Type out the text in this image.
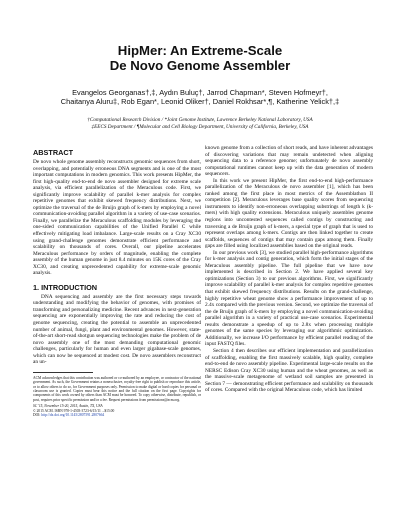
HipMer: An Extreme-Scale
De Novo Genome Assembler
Evangelos Georganas†,‡, Aydın Buluç†, Jarrod Chapman*, Steven Hofmeyr†,
Chaitanya Aluru‡, Rob Egan*, Leonid Oliker†, Daniel Rokhsar*,¶, Katherine Yelick†,‡
†Computational Research Division / *Joint Genome Institute, Lawrence Berkeley National Laboratory, USA
‡EECS Department / ¶Molecular and Cell Biology Department, University of California, Berkeley, USA
ABSTRACT

De novo whole genome assembly reconstructs genomic sequences from short, overlapping, and potentially erroneous DNA segments and is one of the most important computations in modern genomics. This work presents HipMer, the first high-quality end-to-end de novo assembler designed for extreme scale analysis, via efficient parallelization of the Meraculous code. First, we significantly improve scalability of parallel k-mer analysis for complex repetitive genomes that exhibit skewed frequency distributions. Next, we optimize the traversal of the de Bruijn graph of k-mers by employing a novel communication-avoiding parallel algorithm in a variety of use-case scenarios. Finally, we parallelize the Meraculous scaffolding modules by leveraging the one-sided communication capabilities of the Unified Parallel C while effectively mitigating load imbalance. Large-scale results on a Cray XC30 using grand-challenge genomes demonstrate efficient performance and scalability on thousands of cores. Overall, our pipeline accelerates Meraculous performance by orders of magnitude, enabling the complete assembly of the human genome in just 8.4 minutes on 15K cores of the Cray XC30, and creating unprecedented capability for extreme-scale genomic analysis.

1. INTRODUCTION

DNA sequencing and assembly are the first necessary steps towards understanding and modifying the behavior of genomes, with promises of transforming and personalizing medicine. Recent advances in next-generation sequencing are exponentially improving the rate and reducing the cost of genome sequencing, creating the potential to assemble an unprecedented number of animal, fungi, plant and environmental genomes. However, state-of-the-art short-read shotgun sequencing technologies make the problem of de novo assembly one of the most demanding computational genomic challenges, particularly for human and even larger gigabase-scale genomes, which can now be sequenced at modest cost. De novo assemblers reconstruct an un-

ACM acknowledges that this contribution was authored or co-authored by an employee, or contractor of the national government. As such, the Government retains a nonexclusive, royalty-free right to publish or reproduce this article, or to allow others to do so, for Government purposes only. Permission to make digital or hard copies for personal or classroom use is granted. Copies must bear this notice and the full citation on the first page. Copyrights for components of this work owned by others than ACM must be honored. To copy otherwise, distribute, republish, or post, requires prior specific permission and/or a fee. Request permissions from permissions@acm.org.

SC '15, November 15-20, 2015, Austin, TX, USA

© 2015 ACM. ISBN 978-1-4503-3723-6/15/11 ...$15.00

DOI: http://dx.doi.org/10.1145/2807591.2807664

known genome from a collection of short reads, and have inherent advantages of discovering variations that may remain undetected when aligning sequencing data to a reference genome; unfortunately de novo assembly computational runtimes cannot keep up with the data generation of modern sequencers.

In this work we present HipMer, the first end-to-end high-performance parallelization of the Meraculous de novo assembler [1], which has been ranked among the first place in most metrics of the Assemblathon II competition [2]. Meraculous leverages base quality scores from sequencing instruments to identify non-erroneous overlapping substrings of length k (k-mers) with high quality extensions. Meraculous uniquely assembles genome regions into uncontested sequences called contigs by constructing and traversing a de Bruijn graph of k-mers, a special type of graph that is used to represent overlaps among k-mers. Contigs are then linked together to create scaffolds, sequences of contigs that may contain gaps among them. Finally gaps are filled using localized assemblies based on the original reads.

In our previous work [3], we studied parallel high-performance algorithms for k-mer analysis and contig generation, which form the initial stages of the Meraculous assembly pipeline. The full pipeline that we have now implemented is described in Section 2. We have applied several key optimizations (Section 3) to our previous algorithms. First, we significantly improve scalability of parallel k-mer analysis for complex repetitive genomes that exhibit skewed frequency distributions. Results on the grand-challenge, highly repetitive wheat genome show a performance improvement of up to 2.4x compared with the previous version. Second, we optimize the traversal of the de Bruijn graph of k-mers by employing a novel communication-avoiding parallel algorithm in a variety of practical use-case scenarios. Experimental results demonstrate a speedup of up to 2.8x when processing multiple genomes of the same species by leveraging our algorithmic optimization. Additionally, we increase I/O performance by efficient parallel reading of the input FASTQ files.

Section 4 then describes our efficient implementation and parallelization of scaffolding, enabling the first massively scalable, high quality, complete end-to-end de novo assembly pipeline. Experimental large-scale results on the NERSC Edison Cray XC30 using human and the wheat genomes, as well as the massive-scale metagenome of wetland soil samples are presented in Section 7 — demonstrating efficient performance and scalability on thousands of cores. Compared with the original Meraculous code, which has limited
